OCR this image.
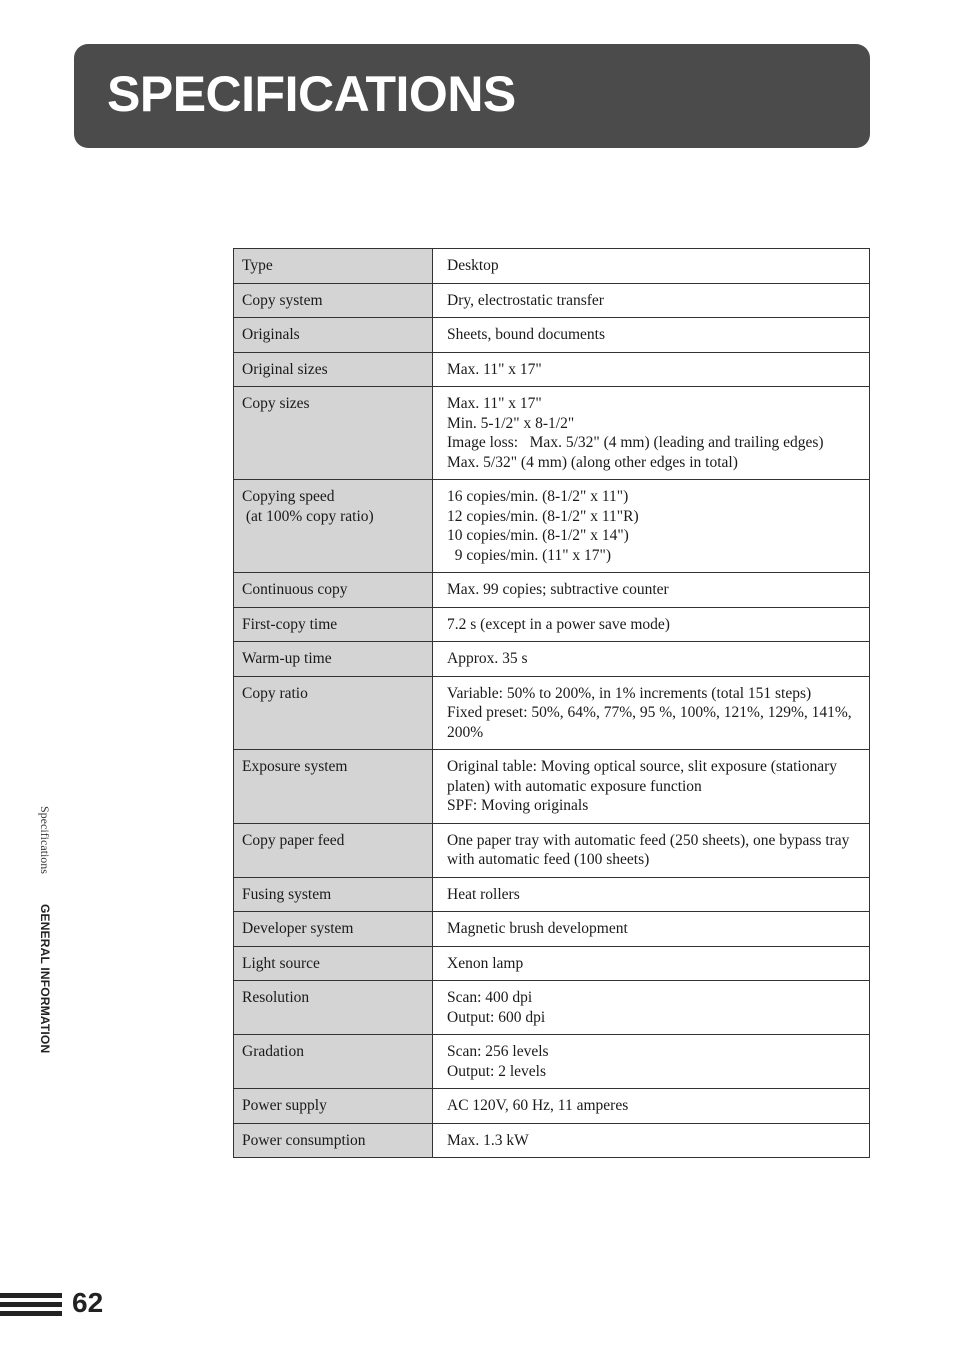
SPECIFICATIONS
Type	Desktop

Copy system	Dry, electrostatic transfer

Originals	Sheets, bound documents

Original sizes	Max. 11" x 17"

Copy sizes	Max. 11" x 17"
Min. 5-1/2" x 8-1/2"
Image loss:   Max. 5/32" (4 mm) (leading and trailing edges)
Max. 5/32" (4 mm) (along other edges in total)

Copying speed
(at 100% copy ratio)	16 copies/min. (8-1/2" x 11")
12 copies/min. (8-1/2" x 11"R)
10 copies/min. (8-1/2" x 14")
9 copies/min. (11" x 17")

Continuous copy	Max. 99 copies; subtractive counter

First-copy time	7.2 s (except in a power save mode)

Warm-up time	Approx. 35 s

Copy ratio	Variable: 50% to 200%, in 1% increments (total 151 steps)
Fixed preset: 50%, 64%, 77%, 95 %, 100%, 121%, 129%, 141%, 200%

Exposure system	Original table: Moving optical source, slit exposure (stationary platen) with automatic exposure function
SPF: Moving originals

Copy paper feed	One paper tray with automatic feed (250 sheets), one bypass tray with automatic feed (100 sheets)

Fusing system	Heat rollers

Developer system	Magnetic brush development

Light source	Xenon lamp

Resolution	Scan: 400 dpi
Output: 600 dpi

Gradation	Scan: 256 levels
Output: 2 levels

Power supply	AC 120V, 60 Hz, 11 amperes

Power consumption	Max. 1.3 kW
Specifications GENERAL INFORMATION
62
